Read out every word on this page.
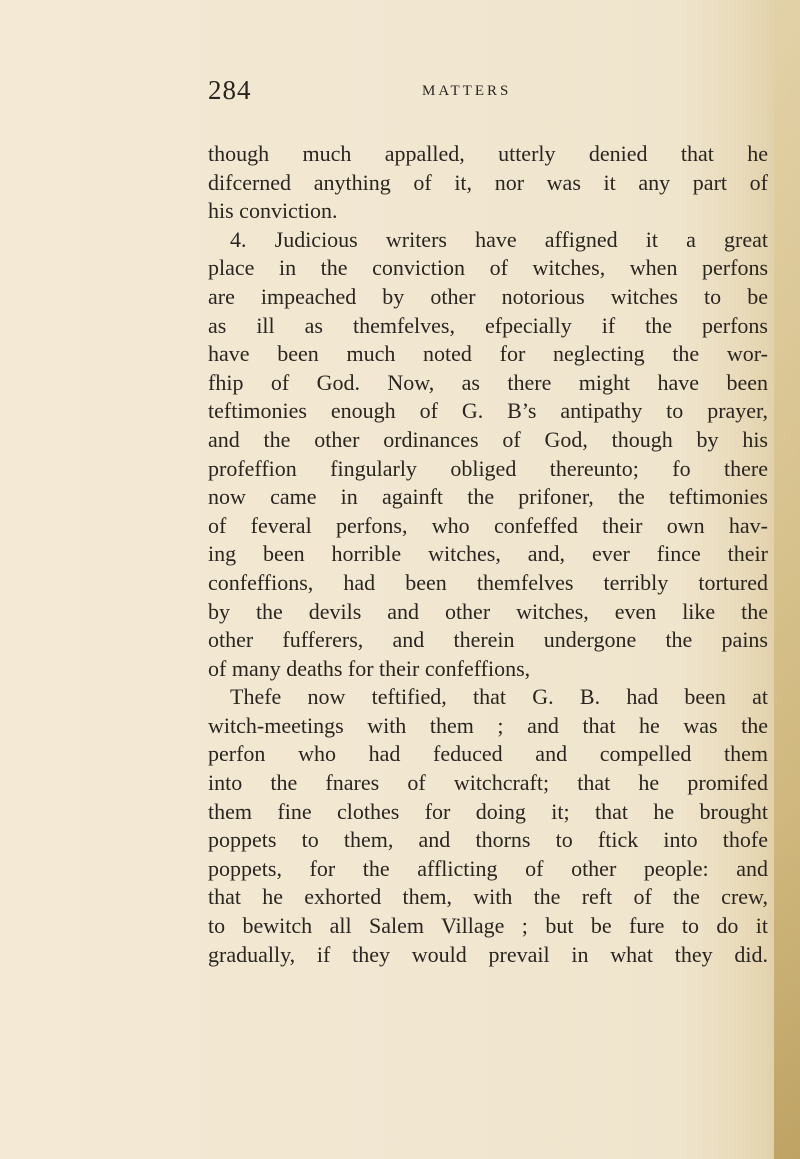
284	MATTERS
though much appalled, utterly denied that he
difcerned anything of it, nor was it any part of
his conviction.
4. Judicious writers have affigned it a great
place in the conviction of witches, when perfons
are impeached by other notorious witches to be
as ill as themfelves, efpecially if the perfons
have been much noted for neglecting the wor-
fhip of God. Now, as there might have been
teftimonies enough of G. B’s antipathy to prayer,
and the other ordinances of God, though by his
profeffion fingularly obliged thereunto; fo there
now came in againft the prifoner, the teftimonies
of feveral perfons, who confeffed their own hav-
ing been horrible witches, and, ever fince their
confeffions, had been themfelves terribly tortured
by the devils and other witches, even like the
other fufferers, and therein undergone the pains
of many deaths for their confeffions,
Thefe now teftified, that G. B. had been at
witch-meetings with them ; and that he was the
perfon who had feduced and compelled them
into the fnares of witchcraft; that he promifed
them fine clothes for doing it; that he brought
poppets to them, and thorns to ftick into thofe
poppets, for the afflicting of other people: and
that he exhorted them, with the reft of the crew,
to bewitch all Salem Village ; but be fure to do it
gradually, if they would prevail in what they did.
